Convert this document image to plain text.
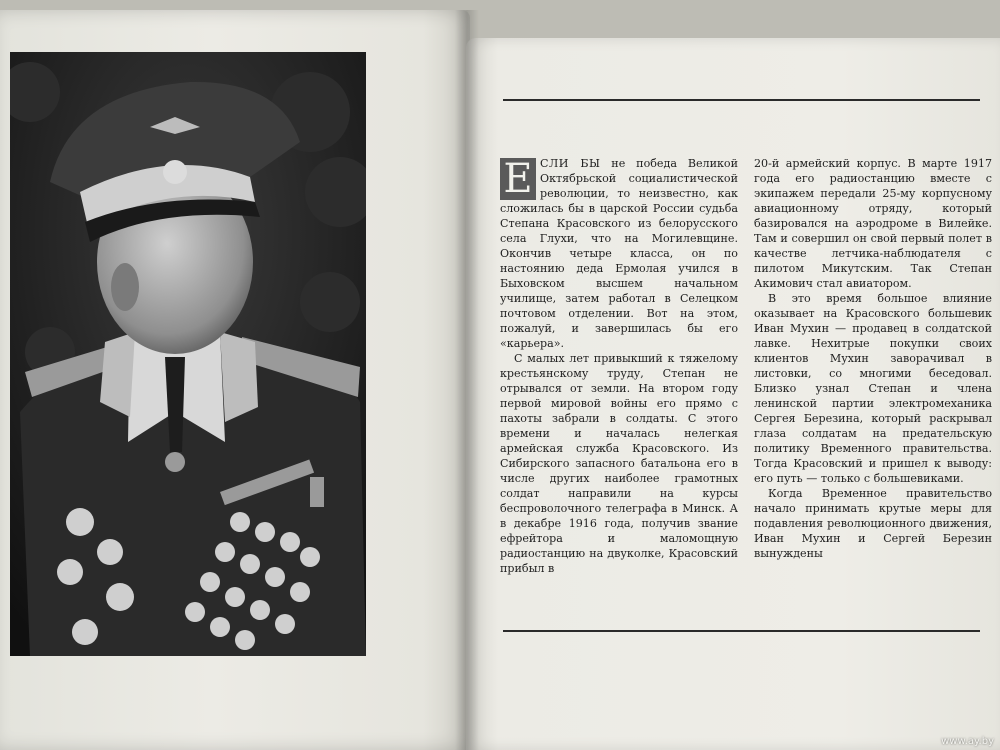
Е СЛИ БЫ не победа Великой Октябрьской социалистической революции, то неизвестно, как сложилась бы в царской России судьба Степана Красовского из белорусского села Глухи, что на Могилевщине. Окончив четыре класса, он по настоянию деда Ермолая учился в Быховском высшем начальном училище, затем работал в Селецком почтовом отделении. Вот на этом, пожалуй, и завершилась бы его «карьера».

С малых лет привыкший к тяжелому крестьянскому труду, Степан не отрывался от земли. На втором году первой мировой войны его прямо с пахоты забрали в солдаты. С этого времени и началась нелегкая армейская служба Красовского. Из Сибирского запасного батальона его в числе других наиболее грамотных солдат направили на курсы беспроволочного телеграфа в Минск. А в декабре 1916 года, получив звание ефрейтора и маломощную радиостанцию на двуколке, Красовский прибыл в

20-й армейский корпус. В марте 1917 года его радиостанцию вместе с экипажем передали 25-му корпусному авиационному отряду, который базировался на аэродроме в Вилейке. Там и совершил он свой первый полет в качестве летчика-наблюдателя с пилотом Микутским. Так Степан Акимович стал авиатором.

В это время большое влияние оказывает на Красовского большевик Иван Мухин — продавец в солдатской лавке. Нехитрые покупки своих клиентов Мухин заворачивал в листовки, со многими беседовал. Близко узнал Степан и члена ленинской партии электромеханика Сергея Березина, который раскрывал глаза солдатам на предательскую политику Временного правительства. Тогда Красовский и пришел к выводу: его путь — только с большевиками.

Когда Временное правительство начало принимать крутые меры для подавления революционного движения, Иван Мухин и Сергей Березин вынуждены

www.ay.by
